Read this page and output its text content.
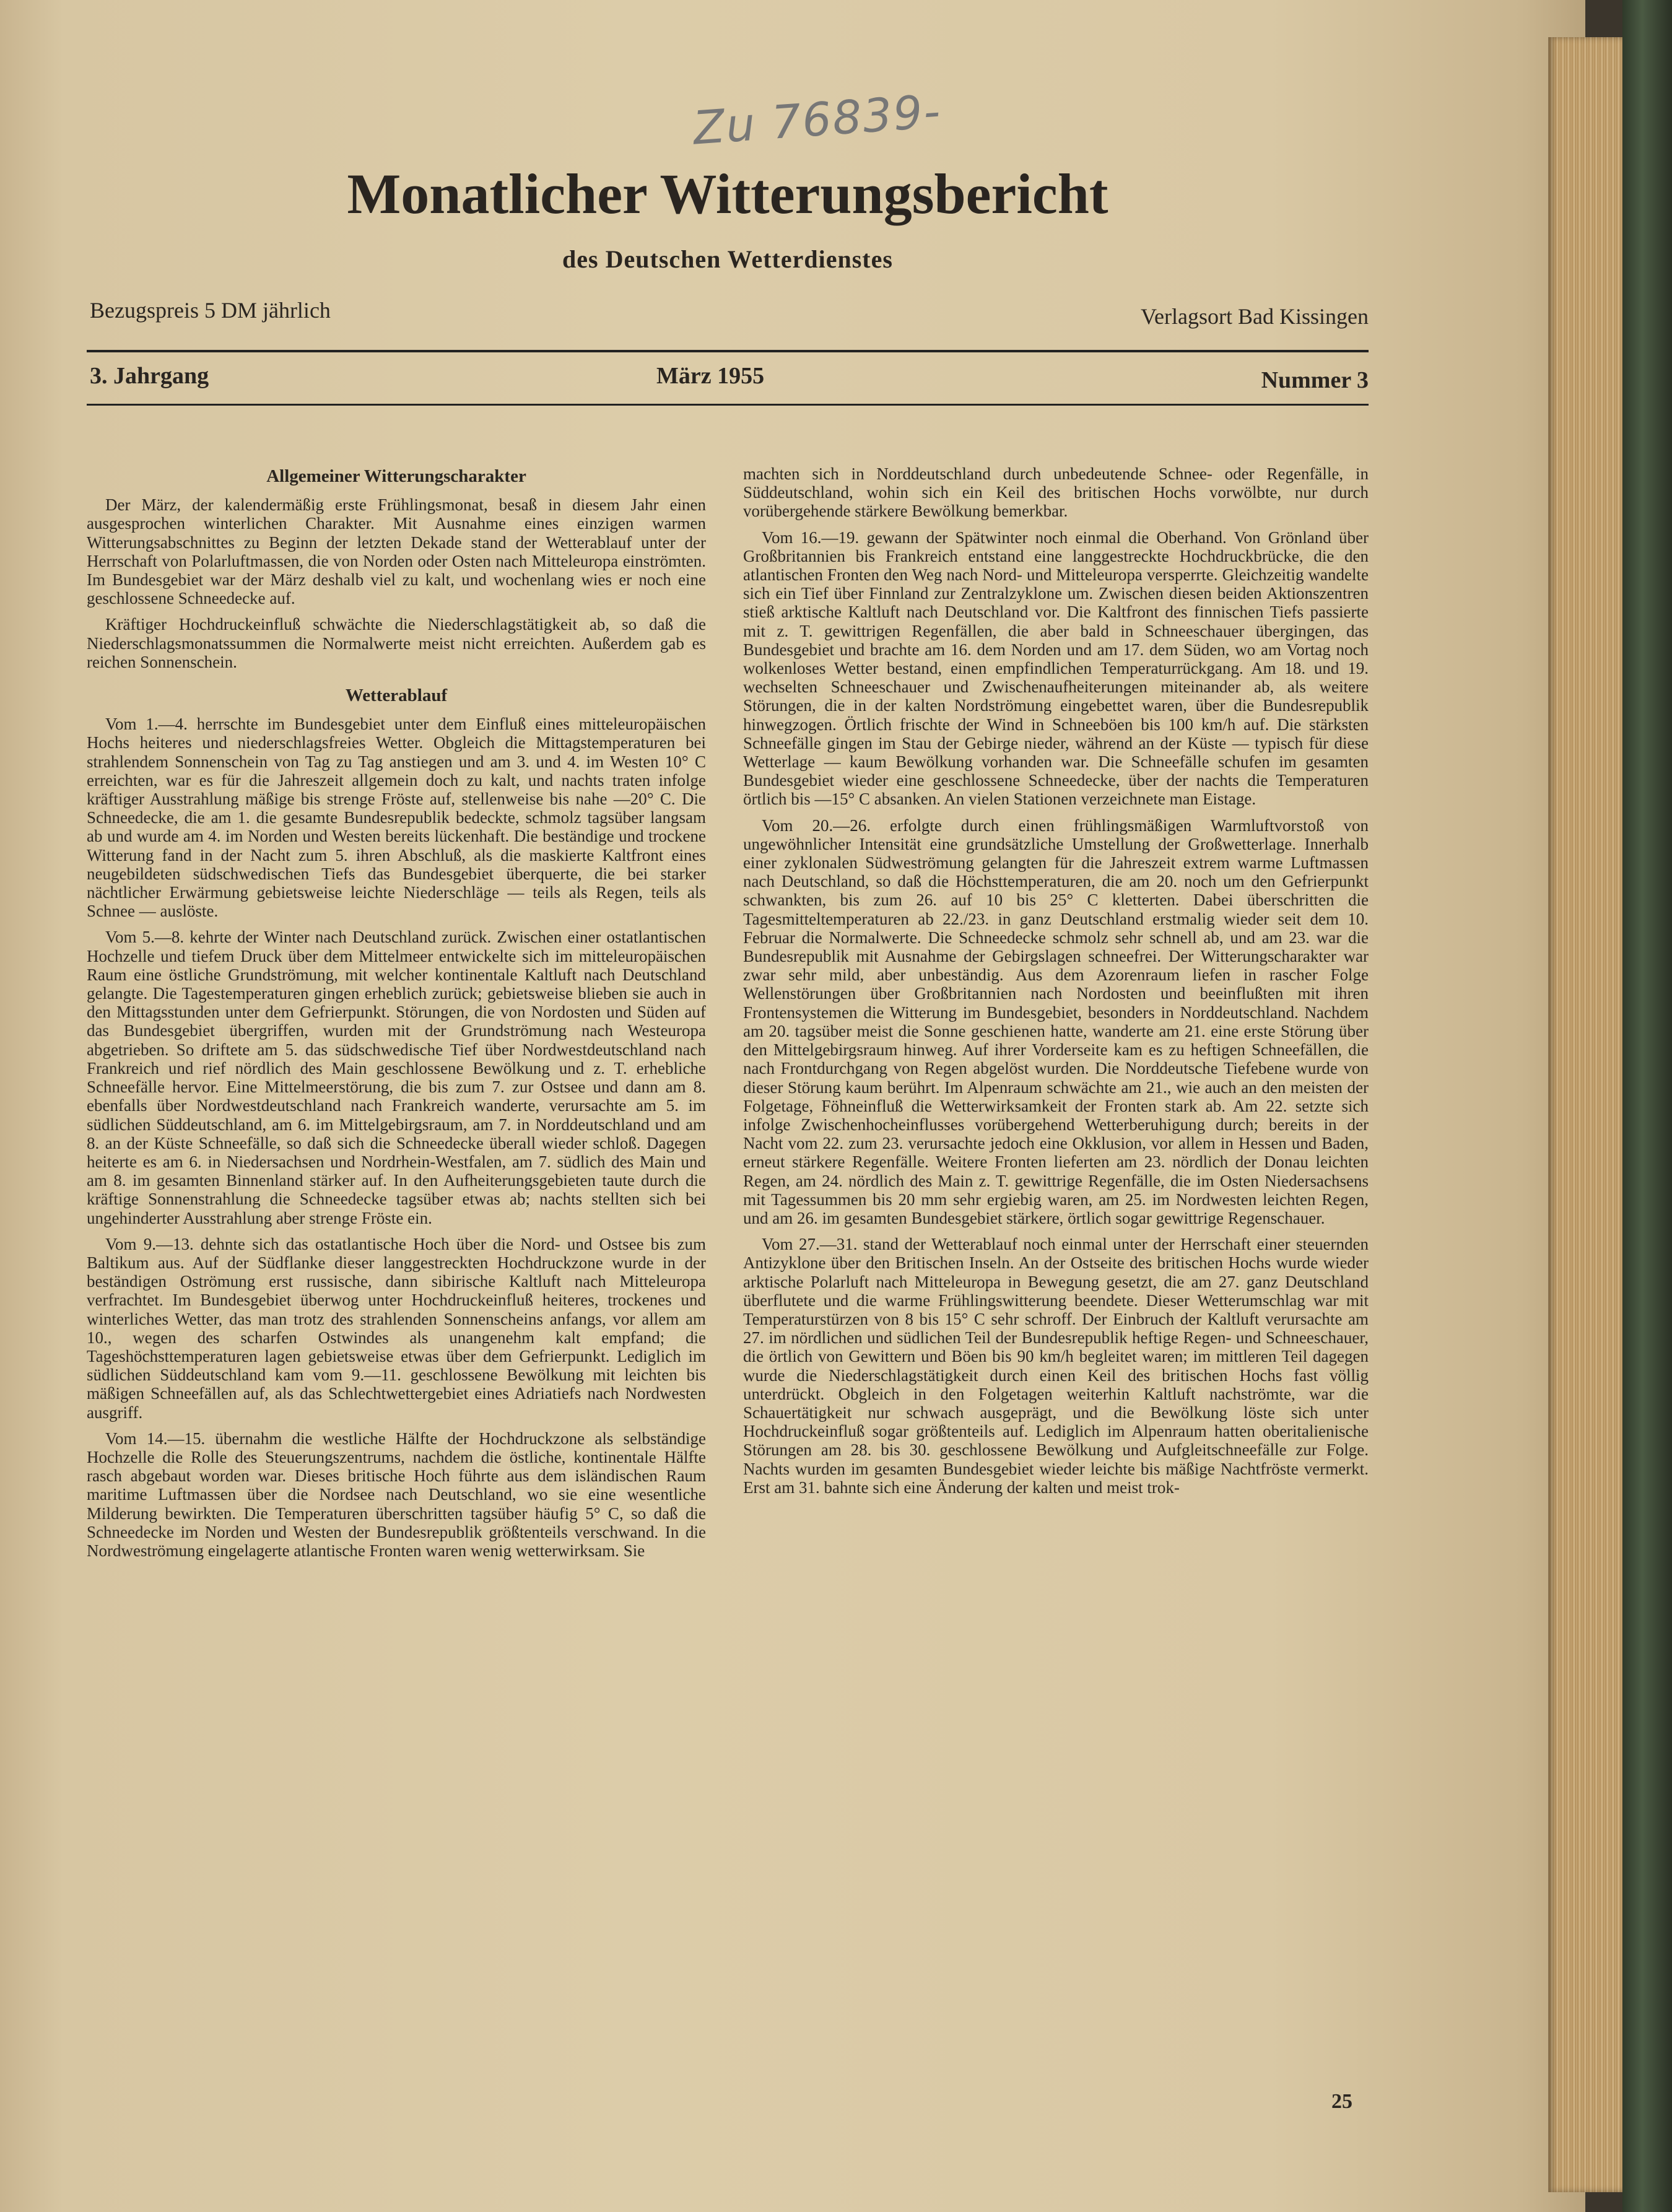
Zu 76839-
Monatlicher Witterungsbericht
des Deutschen Wetterdienstes
Bezugspreis 5 DM jährlich	Verlagsort Bad Kissingen
3. Jahrgang	März 1955	Nummer 3
Allgemeiner Witterungscharakter

Der März, der kalendermäßig erste Frühlingsmonat, besaß in diesem Jahr einen ausgesprochen winterlichen Charakter. Mit Ausnahme eines einzigen warmen Witterungsabschnittes zu Beginn der letzten Dekade stand der Wetterablauf unter der Herrschaft von Polarluftmassen, die von Norden oder Osten nach Mitteleuropa einströmten. Im Bundesgebiet war der März deshalb viel zu kalt, und wochenlang wies er noch eine geschlossene Schneedecke auf.

Kräftiger Hochdruckeinfluß schwächte die Niederschlagstätigkeit ab, so daß die Niederschlagsmonatssummen die Normalwerte meist nicht erreichten. Außerdem gab es reichen Sonnenschein.

Wetterablauf

Vom 1.—4. herrschte im Bundesgebiet unter dem Einfluß eines mitteleuropäischen Hochs heiteres und niederschlagsfreies Wetter. Obgleich die Mittagstemperaturen bei strahlendem Sonnenschein von Tag zu Tag anstiegen und am 3. und 4. im Westen 10° C erreichten, war es für die Jahreszeit allgemein doch zu kalt, und nachts traten infolge kräftiger Ausstrahlung mäßige bis strenge Fröste auf, stellenweise bis nahe —20° C. Die Schneedecke, die am 1. die gesamte Bundesrepublik bedeckte, schmolz tagsüber langsam ab und wurde am 4. im Norden und Westen bereits lückenhaft. Die beständige und trockene Witterung fand in der Nacht zum 5. ihren Abschluß, als die maskierte Kaltfront eines neugebildeten südschwedischen Tiefs das Bundesgebiet überquerte, die bei starker nächtlicher Erwärmung gebietsweise leichte Niederschläge — teils als Regen, teils als Schnee — auslöste.

Vom 5.—8. kehrte der Winter nach Deutschland zurück. Zwischen einer ostatlantischen Hochzelle und tiefem Druck über dem Mittelmeer entwickelte sich im mitteleuropäischen Raum eine östliche Grundströmung, mit welcher kontinentale Kaltluft nach Deutschland gelangte. Die Tagestemperaturen gingen erheblich zurück; gebietsweise blieben sie auch in den Mittagsstunden unter dem Gefrierpunkt. Störungen, die von Nordosten und Süden auf das Bundesgebiet übergriffen, wurden mit der Grundströmung nach Westeuropa abgetrieben. So driftete am 5. das südschwedische Tief über Nordwestdeutschland nach Frankreich und rief nördlich des Main geschlossene Bewölkung und z. T. erhebliche Schneefälle hervor. Eine Mittelmeerstörung, die bis zum 7. zur Ostsee und dann am 8. ebenfalls über Nordwestdeutschland nach Frankreich wanderte, verursachte am 5. im südlichen Süddeutschland, am 6. im Mittelgebirgsraum, am 7. in Norddeutschland und am 8. an der Küste Schneefälle, so daß sich die Schneedecke überall wieder schloß. Dagegen heiterte es am 6. in Niedersachsen und Nordrhein-Westfalen, am 7. südlich des Main und am 8. im gesamten Binnenland stärker auf. In den Aufheiterungsgebieten taute durch die kräftige Sonnenstrahlung die Schneedecke tagsüber etwas ab; nachts stellten sich bei ungehinderter Ausstrahlung aber strenge Fröste ein.

Vom 9.—13. dehnte sich das ostatlantische Hoch über die Nord- und Ostsee bis zum Baltikum aus. Auf der Südflanke dieser langgestreckten Hochdruckzone wurde in der beständigen Oströmung erst russische, dann sibirische Kaltluft nach Mitteleuropa verfrachtet. Im Bundesgebiet überwog unter Hochdruckeinfluß heiteres, trockenes und winterliches Wetter, das man trotz des strahlenden Sonnenscheins anfangs, vor allem am 10., wegen des scharfen Ostwindes als unangenehm kalt empfand; die Tageshöchsttemperaturen lagen gebietsweise etwas über dem Gefrierpunkt. Lediglich im südlichen Süddeutschland kam vom 9.—11. geschlossene Bewölkung mit leichten bis mäßigen Schneefällen auf, als das Schlechtwettergebiet eines Adriatiefs nach Nordwesten ausgriff.

Vom 14.—15. übernahm die westliche Hälfte der Hochdruckzone als selbständige Hochzelle die Rolle des Steuerungszentrums, nachdem die östliche, kontinentale Hälfte rasch abgebaut worden war. Dieses britische Hoch führte aus dem isländischen Raum maritime Luftmassen über die Nordsee nach Deutschland, wo sie eine wesentliche Milderung bewirkten. Die Temperaturen überschritten tagsüber häufig 5° C, so daß die Schneedecke im Norden und Westen der Bundesrepublik größtenteils verschwand. In die Nordweströmung eingelagerte atlantische Fronten waren wenig wetterwirksam. Sie

machten sich in Norddeutschland durch unbedeutende Schnee- oder Regenfälle, in Süddeutschland, wohin sich ein Keil des britischen Hochs vorwölbte, nur durch vorübergehende stärkere Bewölkung bemerkbar.

Vom 16.—19. gewann der Spätwinter noch einmal die Oberhand. Von Grönland über Großbritannien bis Frankreich entstand eine langgestreckte Hochdruckbrücke, die den atlantischen Fronten den Weg nach Nord- und Mitteleuropa versperrte. Gleichzeitig wandelte sich ein Tief über Finnland zur Zentralzyklone um. Zwischen diesen beiden Aktionszentren stieß arktische Kaltluft nach Deutschland vor. Die Kaltfront des finnischen Tiefs passierte mit z. T. gewittrigen Regenfällen, die aber bald in Schneeschauer übergingen, das Bundesgebiet und brachte am 16. dem Norden und am 17. dem Süden, wo am Vortag noch wolkenloses Wetter bestand, einen empfindlichen Temperaturrückgang. Am 18. und 19. wechselten Schneeschauer und Zwischenaufheiterungen miteinander ab, als weitere Störungen, die in der kalten Nordströmung eingebettet waren, über die Bundesrepublik hinwegzogen. Örtlich frischte der Wind in Schneeböen bis 100 km/h auf. Die stärksten Schneefälle gingen im Stau der Gebirge nieder, während an der Küste — typisch für diese Wetterlage — kaum Bewölkung vorhanden war. Die Schneefälle schufen im gesamten Bundesgebiet wieder eine geschlossene Schneedecke, über der nachts die Temperaturen örtlich bis —15° C absanken. An vielen Stationen verzeichnete man Eistage.

Vom 20.—26. erfolgte durch einen frühlingsmäßigen Warmluftvorstoß von ungewöhnlicher Intensität eine grundsätzliche Umstellung der Großwetterlage. Innerhalb einer zyklonalen Südweströmung gelangten für die Jahreszeit extrem warme Luftmassen nach Deutschland, so daß die Höchsttemperaturen, die am 20. noch um den Gefrierpunkt schwankten, bis zum 26. auf 10 bis 25° C kletterten. Dabei überschritten die Tagesmitteltemperaturen ab 22./23. in ganz Deutschland erstmalig wieder seit dem 10. Februar die Normalwerte. Die Schneedecke schmolz sehr schnell ab, und am 23. war die Bundesrepublik mit Ausnahme der Gebirgslagen schneefrei. Der Witterungscharakter war zwar sehr mild, aber unbeständig. Aus dem Azorenraum liefen in rascher Folge Wellenstörungen über Großbritannien nach Nordosten und beeinflußten mit ihren Frontensystemen die Witterung im Bundesgebiet, besonders in Norddeutschland. Nachdem am 20. tagsüber meist die Sonne geschienen hatte, wanderte am 21. eine erste Störung über den Mittelgebirgsraum hinweg. Auf ihrer Vorderseite kam es zu heftigen Schneefällen, die nach Frontdurchgang von Regen abgelöst wurden. Die Norddeutsche Tiefebene wurde von dieser Störung kaum berührt. Im Alpenraum schwächte am 21., wie auch an den meisten der Folgetage, Föhneinfluß die Wetterwirksamkeit der Fronten stark ab. Am 22. setzte sich infolge Zwischenhocheinflusses vorübergehend Wetterberuhigung durch; bereits in der Nacht vom 22. zum 23. verursachte jedoch eine Okklusion, vor allem in Hessen und Baden, erneut stärkere Regenfälle. Weitere Fronten lieferten am 23. nördlich der Donau leichten Regen, am 24. nördlich des Main z. T. gewittrige Regenfälle, die im Osten Niedersachsens mit Tagessummen bis 20 mm sehr ergiebig waren, am 25. im Nordwesten leichten Regen, und am 26. im gesamten Bundesgebiet stärkere, örtlich sogar gewittrige Regenschauer.

Vom 27.—31. stand der Wetterablauf noch einmal unter der Herrschaft einer steuernden Antizyklone über den Britischen Inseln. An der Ostseite des britischen Hochs wurde wieder arktische Polarluft nach Mitteleuropa in Bewegung gesetzt, die am 27. ganz Deutschland überflutete und die warme Frühlingswitterung beendete. Dieser Wetterumschlag war mit Temperaturstürzen von 8 bis 15° C sehr schroff. Der Einbruch der Kaltluft verursachte am 27. im nördlichen und südlichen Teil der Bundesrepublik heftige Regen- und Schneeschauer, die örtlich von Gewittern und Böen bis 90 km/h begleitet waren; im mittleren Teil dagegen wurde die Niederschlagstätigkeit durch einen Keil des britischen Hochs fast völlig unterdrückt. Obgleich in den Folgetagen weiterhin Kaltluft nachströmte, war die Schauertätigkeit nur schwach ausgeprägt, und die Bewölkung löste sich unter Hochdruckeinfluß sogar größtenteils auf. Lediglich im Alpenraum hatten oberitalienische Störungen am 28. bis 30. geschlossene Bewölkung und Aufgleitschneefälle zur Folge. Nachts wurden im gesamten Bundesgebiet wieder leichte bis mäßige Nachtfröste vermerkt. Erst am 31. bahnte sich eine Änderung der kalten und meist trok-

25
